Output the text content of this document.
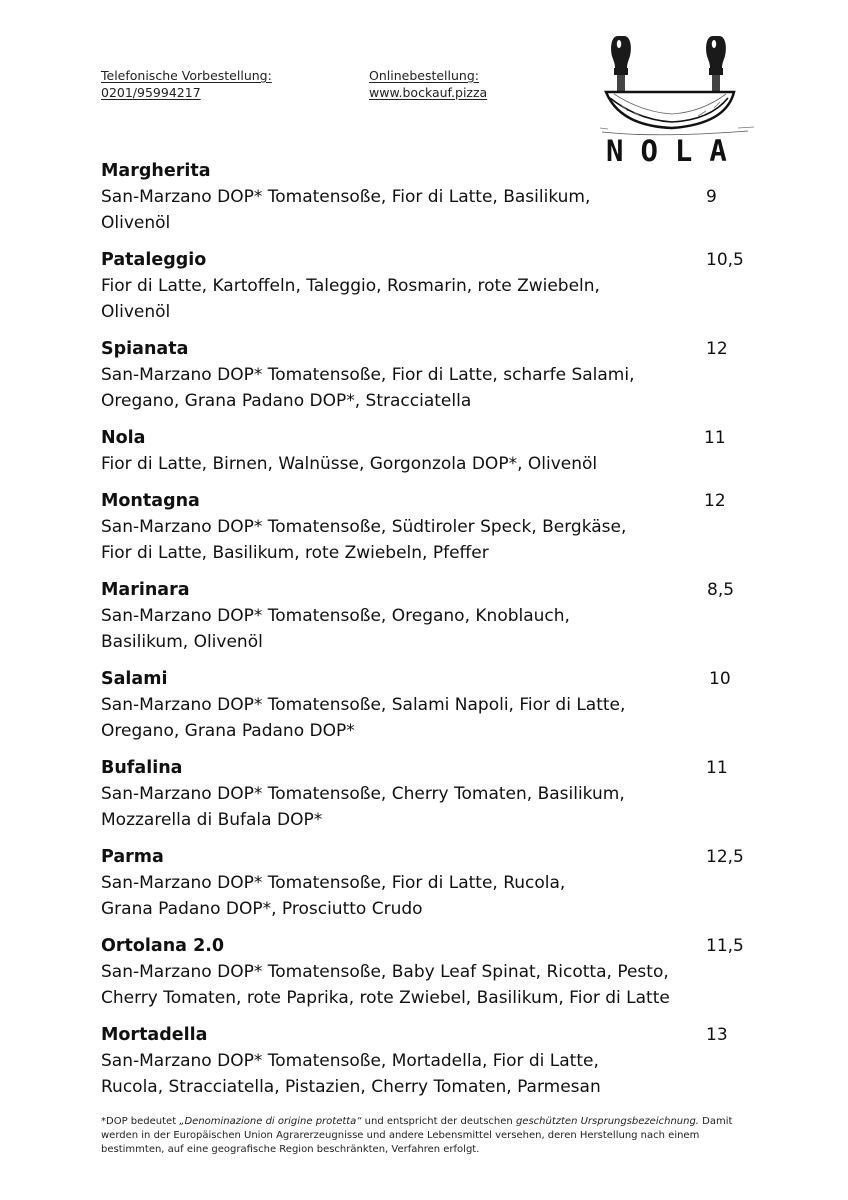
Telefonische Vorbestellung:
0201/95994217
Onlinebestellung:
www.bockauf.pizza
NOLA
Margherita
San-Marzano DOP* Tomatensoße, Fior di Latte, Basilikum,
Olivenöl
9
Pataleggio
Fior di Latte, Kartoffeln, Taleggio, Rosmarin, rote Zwiebeln,
Olivenöl
10,5
Spianata
San-Marzano DOP* Tomatensoße, Fior di Latte, scharfe Salami,
Oregano, Grana Padano DOP*, Stracciatella
12
Nola
Fior di Latte, Birnen, Walnüsse, Gorgonzola DOP*, Olivenöl
11
Montagna
San-Marzano DOP* Tomatensoße, Südtiroler Speck, Bergkäse,
Fior di Latte, Basilikum, rote Zwiebeln, Pfeffer
12
Marinara
San-Marzano DOP* Tomatensoße, Oregano, Knoblauch,
Basilikum, Olivenöl
8,5
Salami
San-Marzano DOP* Tomatensoße, Salami Napoli, Fior di Latte,
Oregano, Grana Padano DOP*
10
Bufalina
San-Marzano DOP* Tomatensoße, Cherry Tomaten, Basilikum,
Mozzarella di Bufala DOP*
11
Parma
San-Marzano DOP* Tomatensoße, Fior di Latte, Rucola,
Grana Padano DOP*, Prosciutto Crudo
12,5
Ortolana 2.0
San-Marzano DOP* Tomatensoße, Baby Leaf Spinat, Ricotta, Pesto,
Cherry Tomaten, rote Paprika, rote Zwiebel, Basilikum, Fior di Latte
11,5
Mortadella
San-Marzano DOP* Tomatensoße, Mortadella, Fior di Latte,
Rucola, Stracciatella, Pistazien, Cherry Tomaten, Parmesan
13
*DOP bedeutet „Denominazione di origine protetta“ und entspricht der deutschen geschützten Ursprungsbezeichnung. Damit werden in der Europäischen Union Agrarerzeugnisse und andere Lebensmittel versehen, deren Herstellung nach einem bestimmten, auf eine geografische Region beschränkten, Verfahren erfolgt.
